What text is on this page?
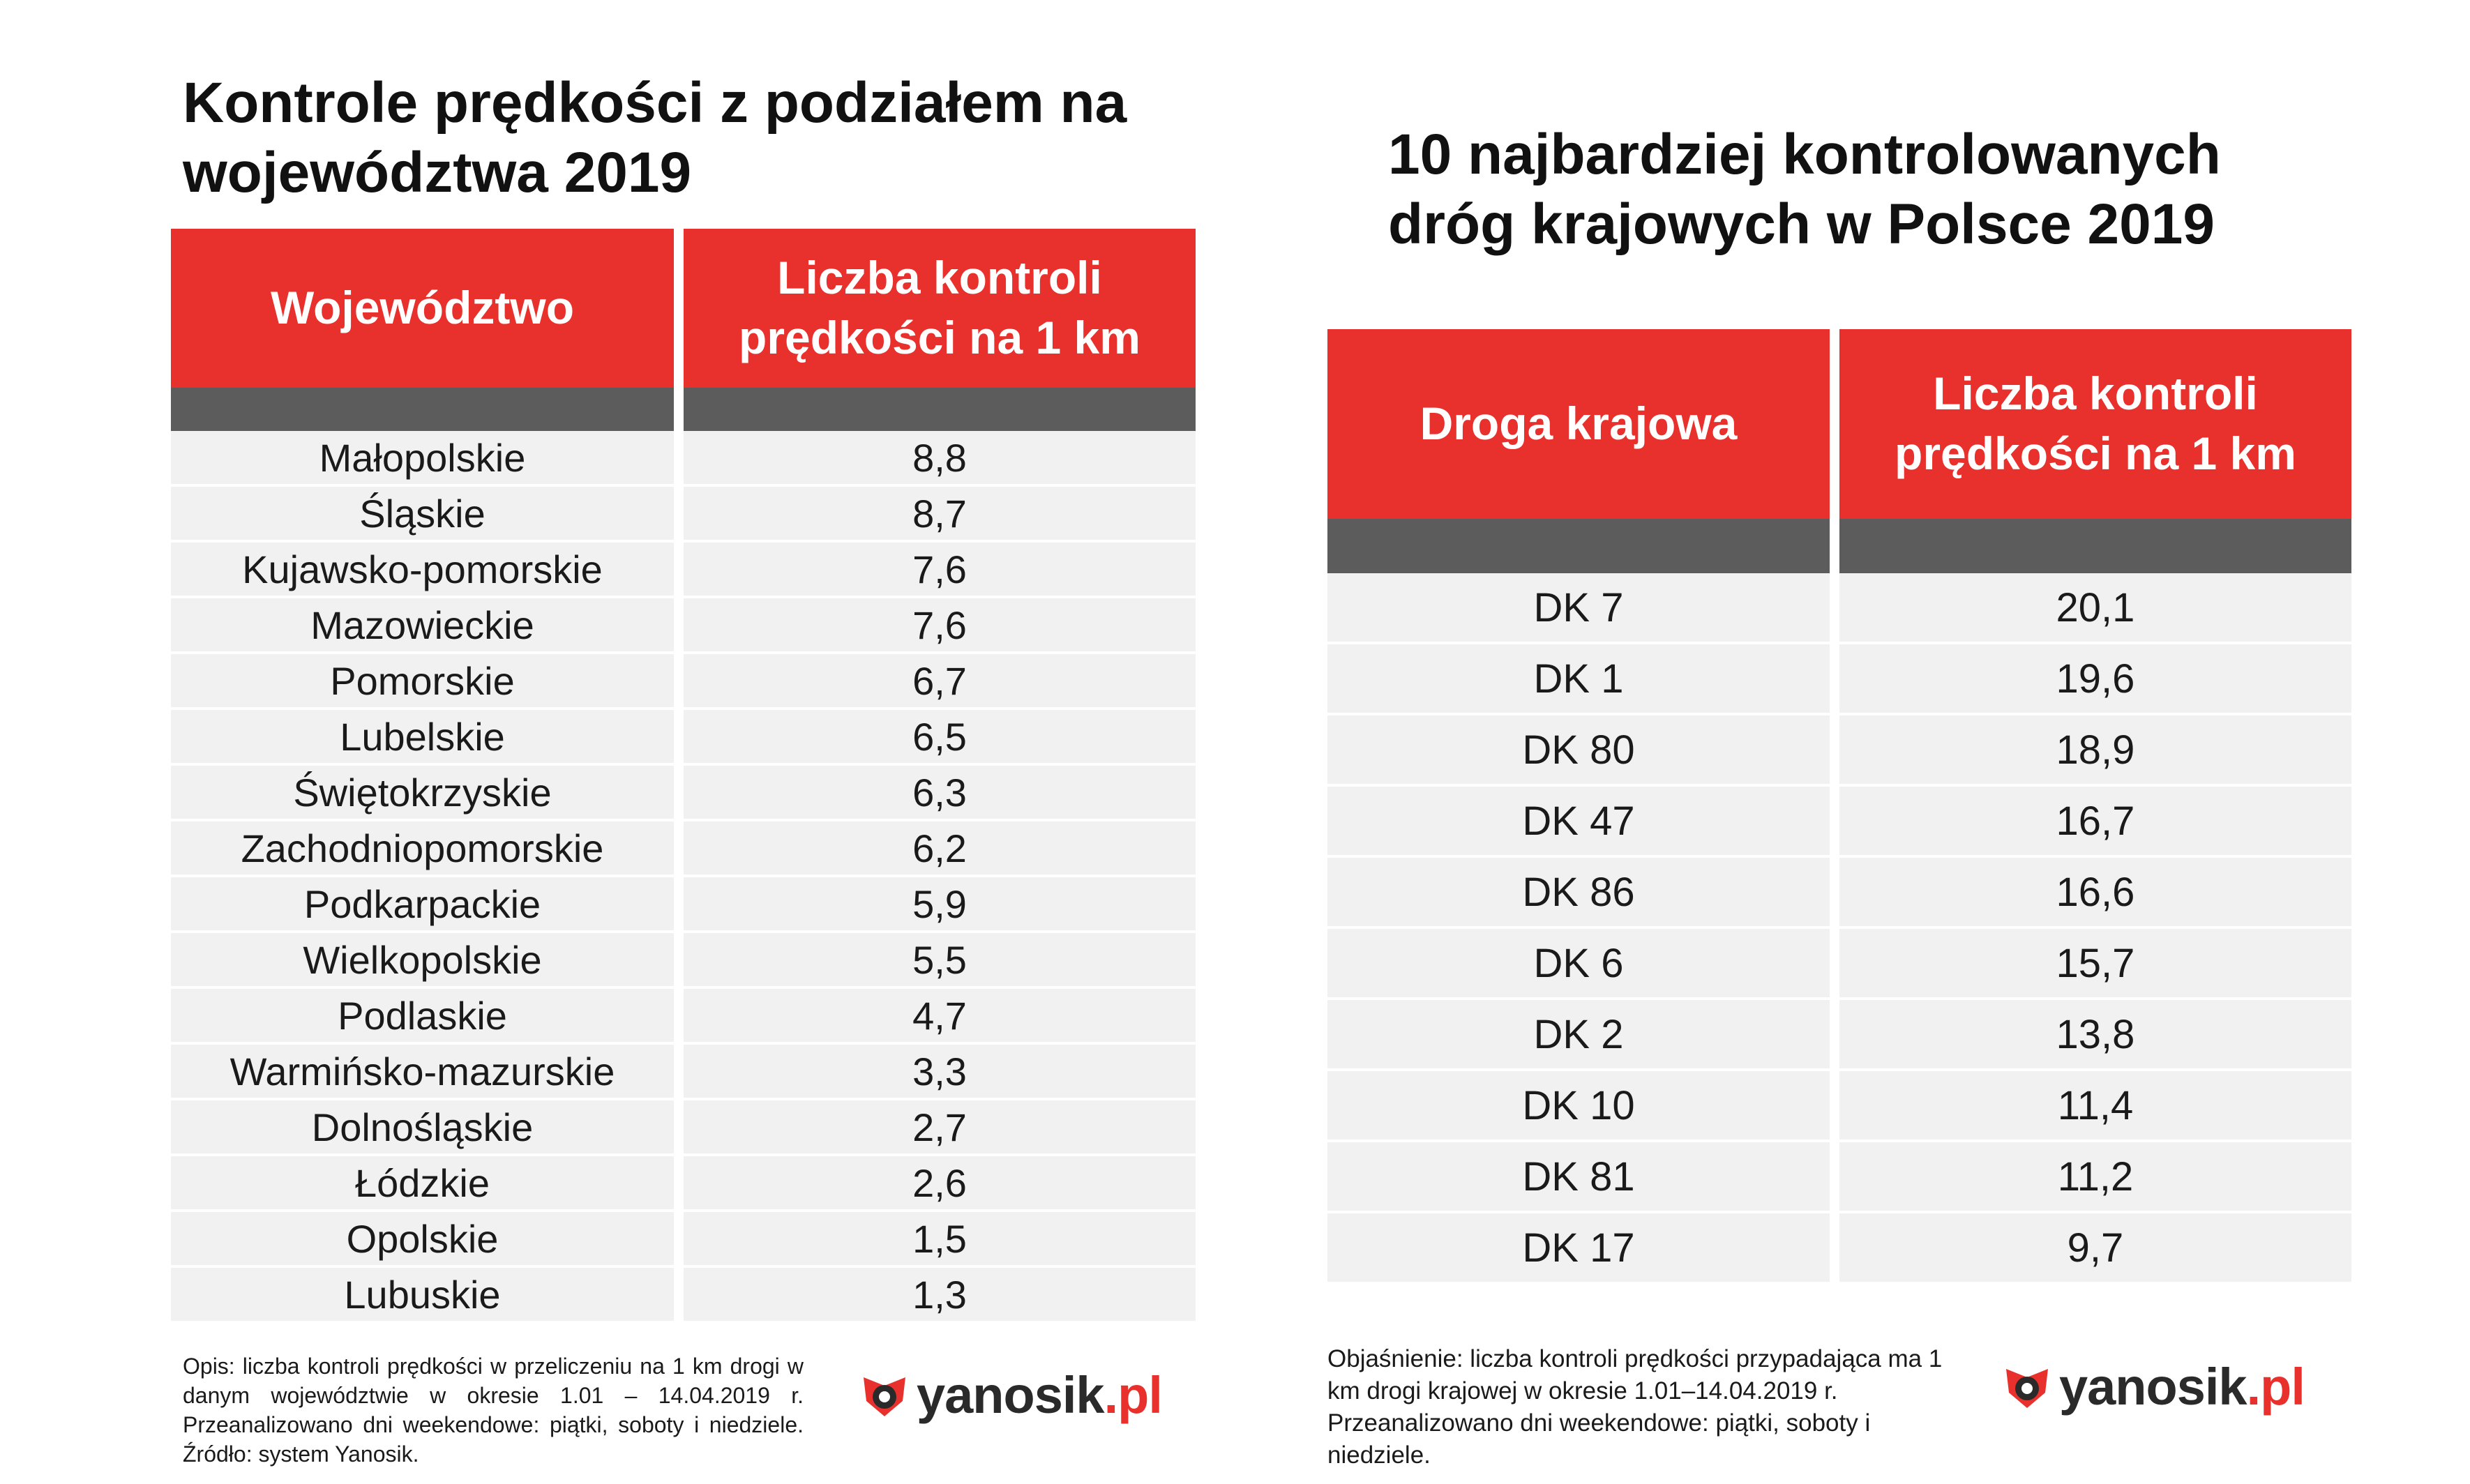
Kontrole prędkości z podziałem na województwa 2019
Województwo	Liczba kontroli prędkości na 1 km

Małopolskie	8,8
Śląskie	8,7
Kujawsko-pomorskie	7,6
Mazowieckie	7,6
Pomorskie	6,7
Lubelskie	6,5
Świętokrzyskie	6,3
Zachodniopomorskie	6,2
Podkarpackie	5,9
Wielkopolskie	5,5
Podlaskie	4,7
Warmińsko-mazurskie	3,3
Dolnośląskie	2,7
Łódzkie	2,6
Opolskie	1,5
Lubuskie	1,3
10 najbardziej kontrolowanych dróg krajowych w Polsce 2019
Droga krajowa	Liczba kontroli prędkości na 1 km

DK 7	20,1
DK 1	19,6
DK 80	18,9
DK 47	16,7
DK 86	16,6
DK 6	15,7
DK 2	13,8
DK 10	11,4
DK 81	11,2
DK 17	9,7

Opis: liczba kontroli prędkości w przeliczeniu na 1 km drogi w danym województwie w okresie 1.01 – 14.04.2019 r. Przeanalizowano dni weekendowe: piątki, soboty i niedziele. Źródło: system Yanosik.

yanosik.pl

Objaśnienie: liczba kontroli prędkości przypadająca ma 1 km drogi krajowej w okresie 1.01–14.04.2019 r. Przeanalizowano dni weekendowe: piątki, soboty i niedziele.

yanosik.pl
